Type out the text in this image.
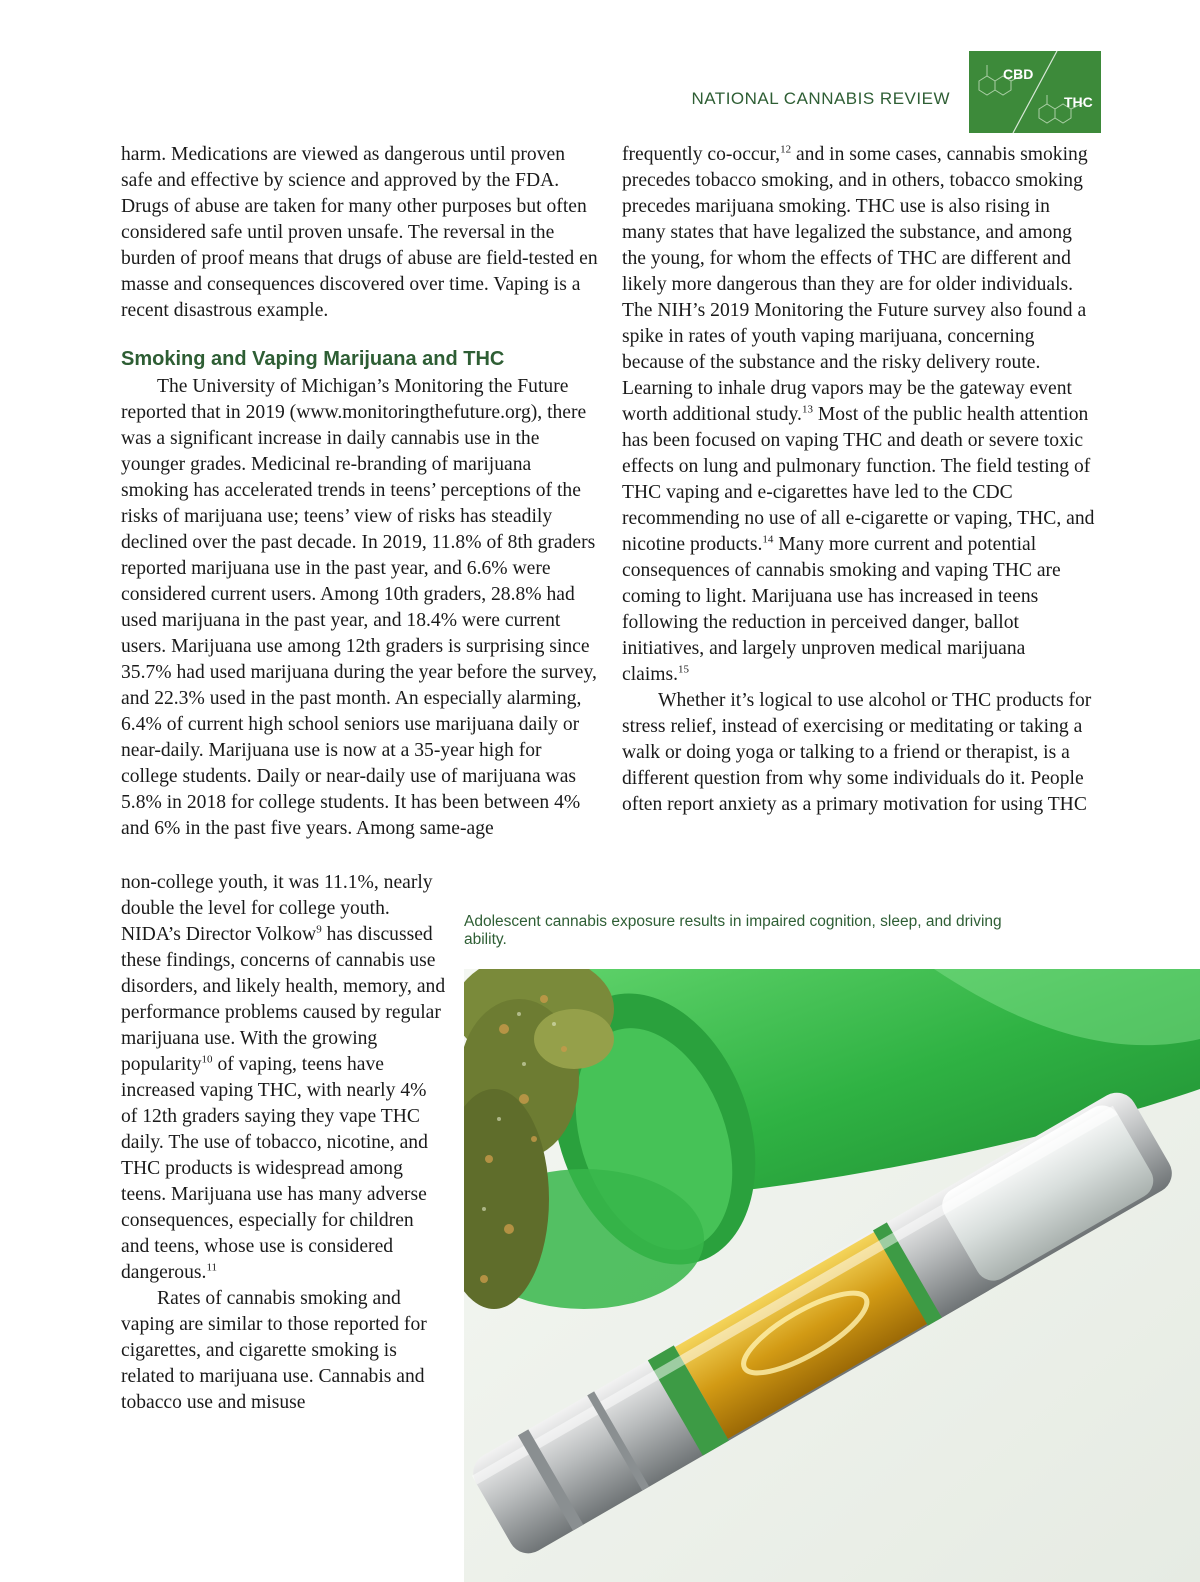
NATIONAL CANNABIS REVIEW
CBD
THC

harm. Medications are viewed as dangerous until proven safe and effective by science and approved by the FDA. Drugs of abuse are taken for many other purposes but often considered safe until proven unsafe. The reversal in the burden of proof means that drugs of abuse are field-tested en masse and consequences discovered over time. Vaping is a recent disastrous example.

Smoking and Vaping Marijuana and THC

The University of Michigan’s Monitoring the Future reported that in 2019 (www.monitoringthefuture.org), there was a significant increase in daily cannabis use in the younger grades. Medicinal re-branding of marijuana smoking has accelerated trends in teens’ perceptions of the risks of marijuana use; teens’ view of risks has steadily declined over the past decade. In 2019, 11.8% of 8th graders reported marijuana use in the past year, and 6.6% were considered current users. Among 10th graders, 28.8% had used marijuana in the past year, and 18.4% were current users. Marijuana use among 12th graders is surprising since 35.7% had used marijuana during the year before the survey, and 22.3% used in the past month. An especially alarming, 6.4% of current high school seniors use marijuana daily or near-daily. Marijuana use is now at a 35-year high for college students. Daily or near-daily use of marijuana was 5.8% in 2018 for college students. It has been between 4% and 6% in the past five years. Among same-age

non-college youth, it was 11.1%, nearly double the level for college youth. NIDA’s Director Volkow$^9$ has discussed these findings, concerns of cannabis use disorders, and likely health, memory, and performance problems caused by regular marijuana use. With the growing popularity$^{10}$ of vaping, teens have increased vaping THC, with nearly 4% of 12th graders saying they vape THC daily. The use of tobacco, nicotine, and THC products is widespread among teens. Marijuana use has many adverse consequences, especially for children and teens, whose use is considered dangerous.$^{11}$

Rates of cannabis smoking and vaping are similar to those reported for cigarettes, and cigarette smoking is related to marijuana use. Cannabis and tobacco use and misuse

frequently co-occur,$^{12}$ and in some cases, cannabis smoking precedes tobacco smoking, and in others, tobacco smoking precedes marijuana smoking. THC use is also rising in many states that have legalized the substance, and among the young, for whom the effects of THC are different and likely more dangerous than they are for older individuals. The NIH’s 2019 Monitoring the Future survey also found a spike in rates of youth vaping marijuana, concerning because of the substance and the risky delivery route. Learning to inhale drug vapors may be the gateway event worth additional study.$^{13}$ Most of the public health attention has been focused on vaping THC and death or severe toxic effects on lung and pulmonary function. The field testing of THC vaping and e-cigarettes have led to the CDC recommending no use of all e-cigarette or vaping, THC, and nicotine products.$^{14}$ Many more current and potential consequences of cannabis smoking and vaping THC are coming to light. Marijuana use has increased in teens following the reduction in perceived danger, ballot initiatives, and largely unproven medical marijuana claims.$^{15}$

Whether it’s logical to use alcohol or THC products for stress relief, instead of exercising or meditating or taking a walk or doing yoga or talking to a friend or therapist, is a different question from why some individuals do it. People often report anxiety as a primary motivation for using THC

Adolescent cannabis exposure results in impaired cognition, sleep, and driving ability.
